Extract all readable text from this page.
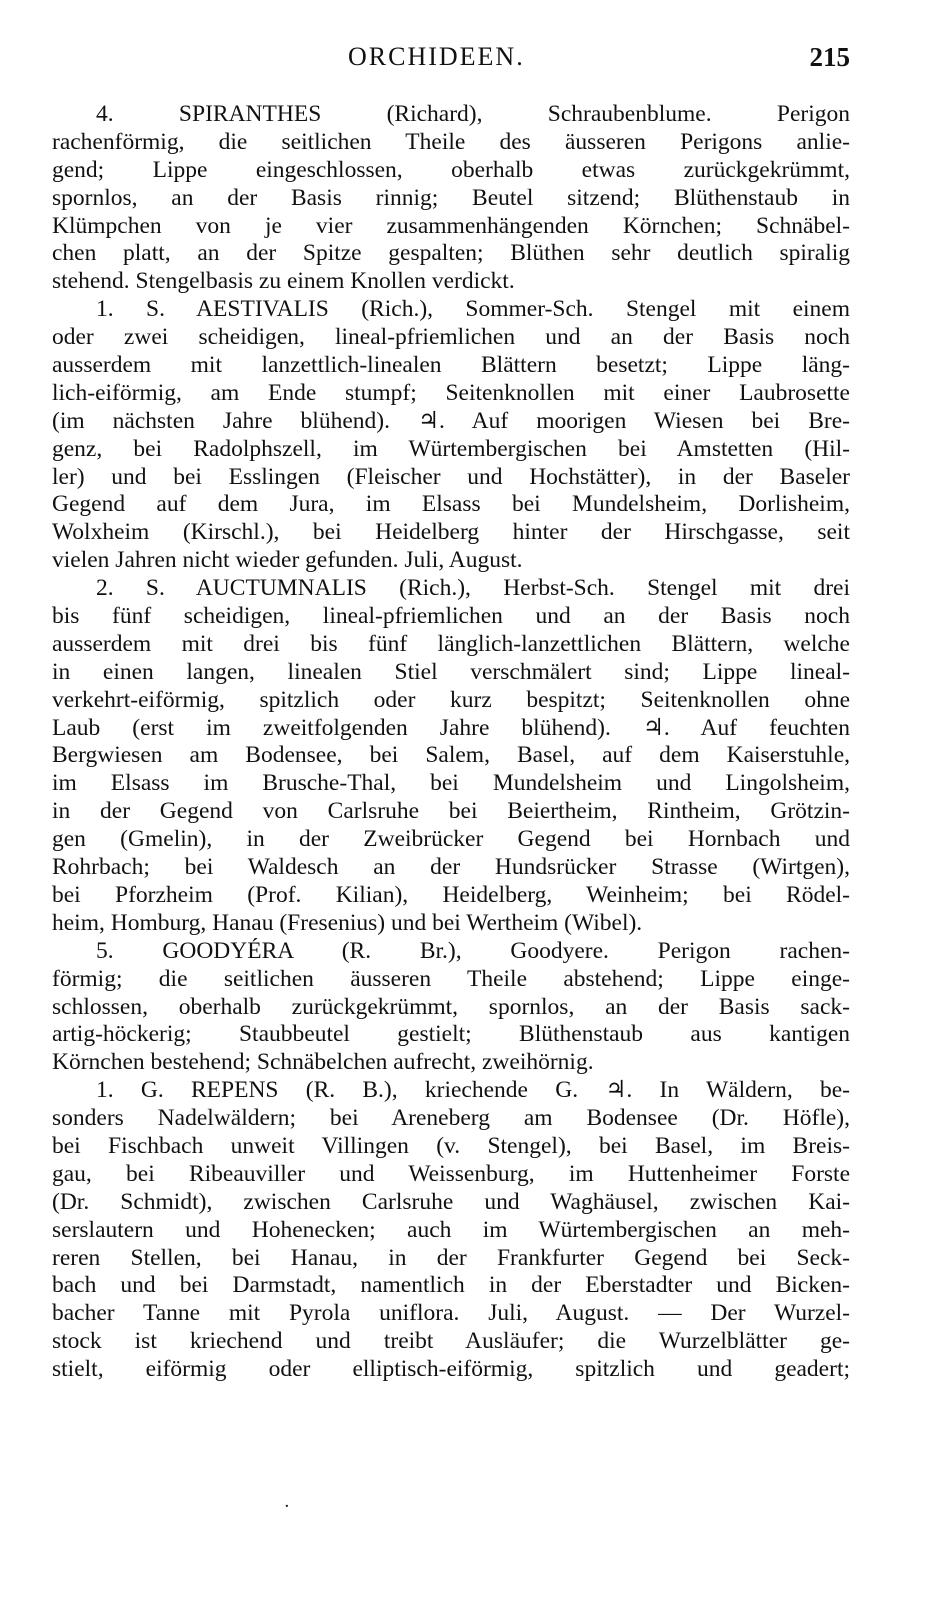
ORCHIDEEN.	215
4. SPIRANTHES (Richard), Schraubenblume. Perigon
rachenförmig, die seitlichen Theile des äusseren Perigons anlie-
gend; Lippe eingeschlossen, oberhalb etwas zurückgekrümmt,
spornlos, an der Basis rinnig; Beutel sitzend; Blüthenstaub in
Klümpchen von je vier zusammenhängenden Körnchen; Schnäbel-
chen platt, an der Spitze gespalten; Blüthen sehr deutlich spiralig
stehend. Stengelbasis zu einem Knollen verdickt.
1. S. AESTIVALIS (Rich.), Sommer-Sch. Stengel mit einem
oder zwei scheidigen, lineal-pfriemlichen und an der Basis noch
ausserdem mit lanzettlich-linealen Blättern besetzt; Lippe läng-
lich-eiförmig, am Ende stumpf; Seitenknollen mit einer Laubrosette
(im nächsten Jahre blühend). ♃. Auf moorigen Wiesen bei Bre-
genz, bei Radolphszell, im Würtembergischen bei Amstetten (Hil-
ler) und bei Esslingen (Fleischer und Hochstätter), in der Baseler
Gegend auf dem Jura, im Elsass bei Mundelsheim, Dorlisheim,
Wolxheim (Kirschl.), bei Heidelberg hinter der Hirschgasse, seit
vielen Jahren nicht wieder gefunden. Juli, August.
2. S. AUCTUMNALIS (Rich.), Herbst-Sch. Stengel mit drei
bis fünf scheidigen, lineal-pfriemlichen und an der Basis noch
ausserdem mit drei bis fünf länglich-lanzettlichen Blättern, welche
in einen langen, linealen Stiel verschmälert sind; Lippe lineal-
verkehrt-eiförmig, spitzlich oder kurz bespitzt; Seitenknollen ohne
Laub (erst im zweitfolgenden Jahre blühend). ♃. Auf feuchten
Bergwiesen am Bodensee, bei Salem, Basel, auf dem Kaiserstuhle,
im Elsass im Brusche-Thal, bei Mundelsheim und Lingolsheim,
in der Gegend von Carlsruhe bei Beiertheim, Rintheim, Grötzin-
gen (Gmelin), in der Zweibrücker Gegend bei Hornbach und
Rohrbach; bei Waldesch an der Hundsrücker Strasse (Wirtgen),
bei Pforzheim (Prof. Kilian), Heidelberg, Weinheim; bei Rödel-
heim, Homburg, Hanau (Fresenius) und bei Wertheim (Wibel).
5. GOODYÉRA (R. Br.), Goodyere. Perigon rachen-
förmig; die seitlichen äusseren Theile abstehend; Lippe einge-
schlossen, oberhalb zurückgekrümmt, spornlos, an der Basis sack-
artig-höckerig; Staubbeutel gestielt; Blüthenstaub aus kantigen
Körnchen bestehend; Schnäbelchen aufrecht, zweihörnig.
1. G. REPENS (R. B.), kriechende G. ♃. In Wäldern, be-
sonders Nadelwäldern; bei Areneberg am Bodensee (Dr. Höfle),
bei Fischbach unweit Villingen (v. Stengel), bei Basel, im Breis-
gau, bei Ribeauviller und Weissenburg, im Huttenheimer Forste
(Dr. Schmidt), zwischen Carlsruhe und Waghäusel, zwischen Kai-
serslautern und Hohenecken; auch im Würtembergischen an meh-
reren Stellen, bei Hanau, in der Frankfurter Gegend bei Seck-
bach und bei Darmstadt, namentlich in der Eberstadter und Bicken-
bacher Tanne mit Pyrola uniflora. Juli, August. — Der Wurzel-
stock ist kriechend und treibt Ausläufer; die Wurzelblätter ge-
stielt, eiförmig oder elliptisch-eiförmig, spitzlich und geadert;
·
